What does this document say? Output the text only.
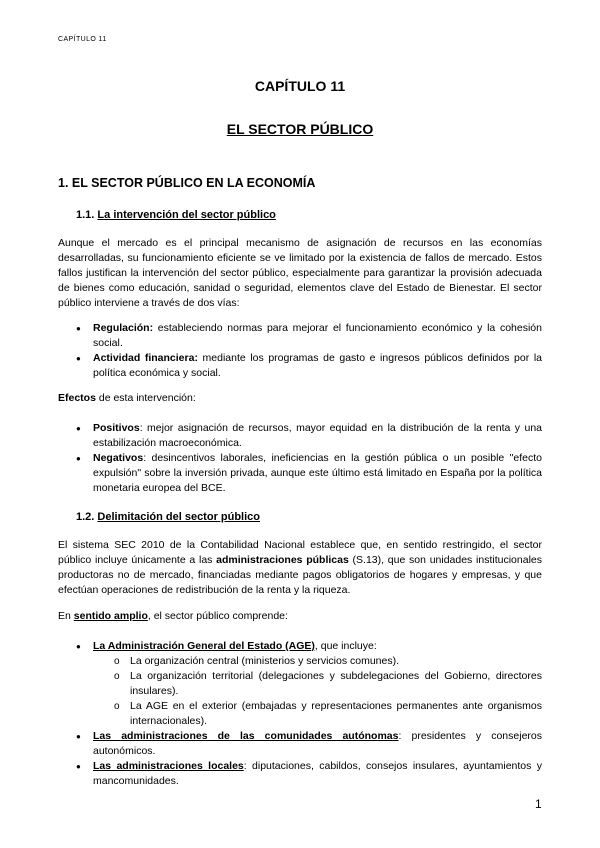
CAPÍTULO 11
CAPÍTULO 11
EL SECTOR PÚBLICO
1. EL SECTOR PÚBLICO EN LA ECONOMÍA
1.1. La intervención del sector público

Aunque el mercado es el principal mecanismo de asignación de recursos en las economías desarrolladas, su funcionamiento eficiente se ve limitado por la existencia de fallos de mercado. Estos fallos justifican la intervención del sector público, especialmente para garantizar la provisión adecuada de bienes como educación, sanidad o seguridad, elementos clave del Estado de Bienestar. El sector público interviene a través de dos vías:

● Regulación: estableciendo normas para mejorar el funcionamiento económico y la cohesión social.
● Actividad financiera: mediante los programas de gasto e ingresos públicos definidos por la política económica y social.

Efectos de esta intervención:

● Positivos: mejor asignación de recursos, mayor equidad en la distribución de la renta y una estabilización macroeconómica.
● Negativos: desincentivos laborales, ineficiencias en la gestión pública o un posible "efecto expulsión" sobre la inversión privada, aunque este último está limitado en España por la política monetaria europea del BCE.
1.2. Delimitación del sector público

El sistema SEC 2010 de la Contabilidad Nacional establece que, en sentido restringido, el sector público incluye únicamente a las administraciones públicas (S.13), que son unidades institucionales productoras no de mercado, financiadas mediante pagos obligatorios de hogares y empresas, y que efectúan operaciones de redistribución de la renta y la riqueza.

En sentido amplio, el sector público comprende:

● La Administración General del Estado (AGE), que incluye:
o La organización central (ministerios y servicios comunes).
o La organización territorial (delegaciones y subdelegaciones del Gobierno, directores insulares).
o La AGE en el exterior (embajadas y representaciones permanentes ante organismos internacionales).
● Las administraciones de las comunidades autónomas: presidentes y consejeros autonómicos.
● Las administraciones locales: diputaciones, cabildos, consejos insulares, ayuntamientos y mancomunidades.
1
